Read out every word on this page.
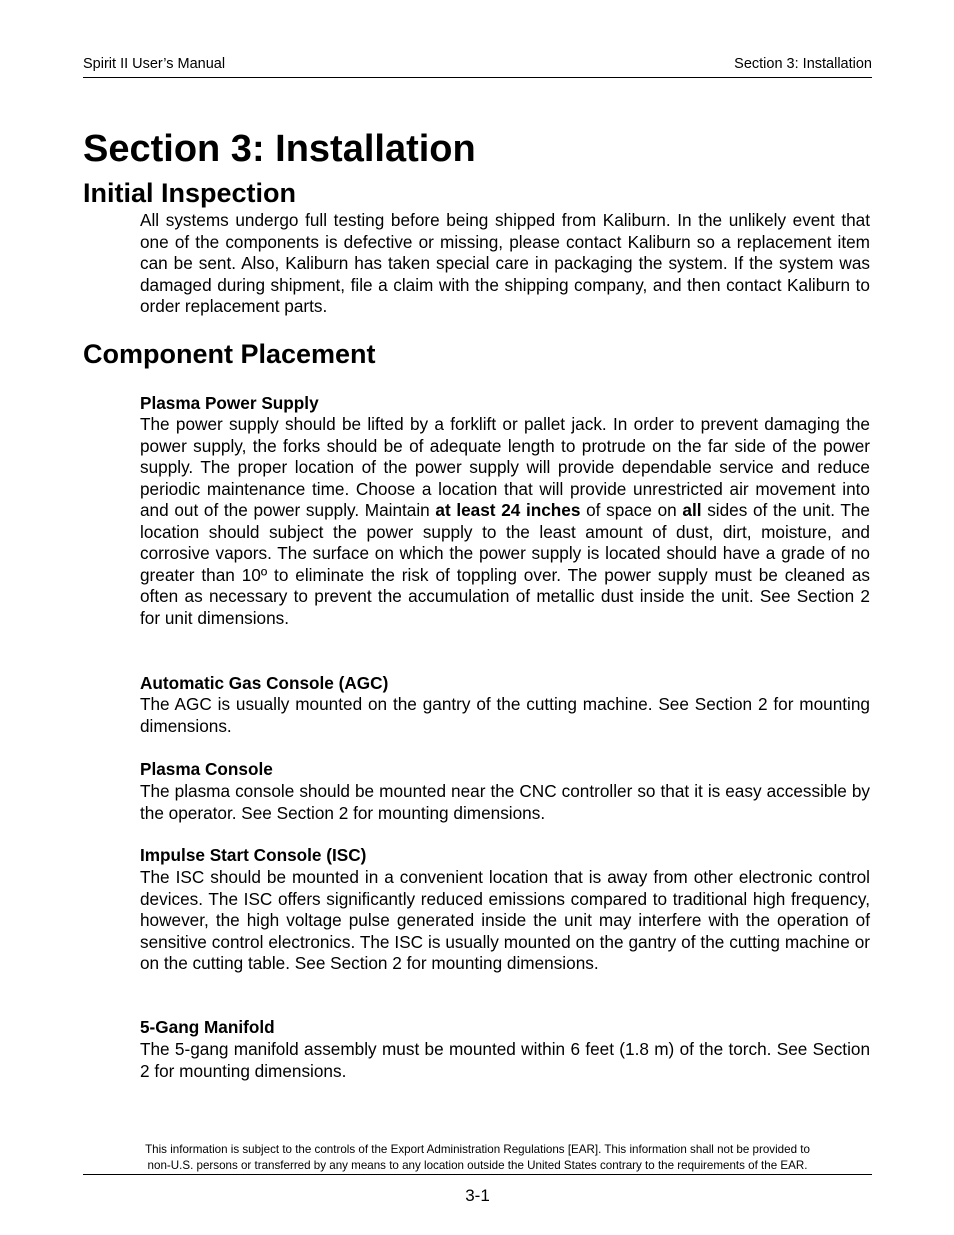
Spirit II User’s Manual	Section 3: Installation
Section 3: Installation
Initial Inspection

All systems undergo full testing before being shipped from Kaliburn. In the unlikely event that one of the components is defective or missing, please contact Kaliburn so a replacement item can be sent. Also, Kaliburn has taken special care in packaging the system. If the system was damaged during shipment, file a claim with the shipping company, and then contact Kaliburn to order replacement parts.

Component Placement

Plasma Power Supply

The power supply should be lifted by a forklift or pallet jack. In order to prevent damaging the power supply, the forks should be of adequate length to protrude on the far side of the power supply. The proper location of the power supply will provide dependable service and reduce periodic maintenance time. Choose a location that will provide unrestricted air movement into and out of the power supply. Maintain at least 24 inches of space on all sides of the unit. The location should subject the power supply to the least amount of dust, dirt, moisture, and corrosive vapors. The surface on which the power supply is located should have a grade of no greater than 10º to eliminate the risk of toppling over. The power supply must be cleaned as often as necessary to prevent the accumulation of metallic dust inside the unit. See Section 2 for unit dimensions.

Automatic Gas Console (AGC)

The AGC is usually mounted on the gantry of the cutting machine. See Section 2 for mounting dimensions.

Plasma Console

The plasma console should be mounted near the CNC controller so that it is easy accessible by the operator. See Section 2 for mounting dimensions.

Impulse Start Console (ISC)

The ISC should be mounted in a convenient location that is away from other electronic control devices. The ISC offers significantly reduced emissions compared to traditional high frequency, however, the high voltage pulse generated inside the unit may interfere with the operation of sensitive control electronics. The ISC is usually mounted on the gantry of the cutting machine or on the cutting table. See Section 2 for mounting dimensions.

5-Gang Manifold

The 5-gang manifold assembly must be mounted within 6 feet (1.8 m) of the torch. See Section 2 for mounting dimensions.

This information is subject to the controls of the Export Administration Regulations [EAR]. This information shall not be provided to
non-U.S. persons or transferred by any means to any location outside the United States contrary to the requirements of the EAR.
3-1
